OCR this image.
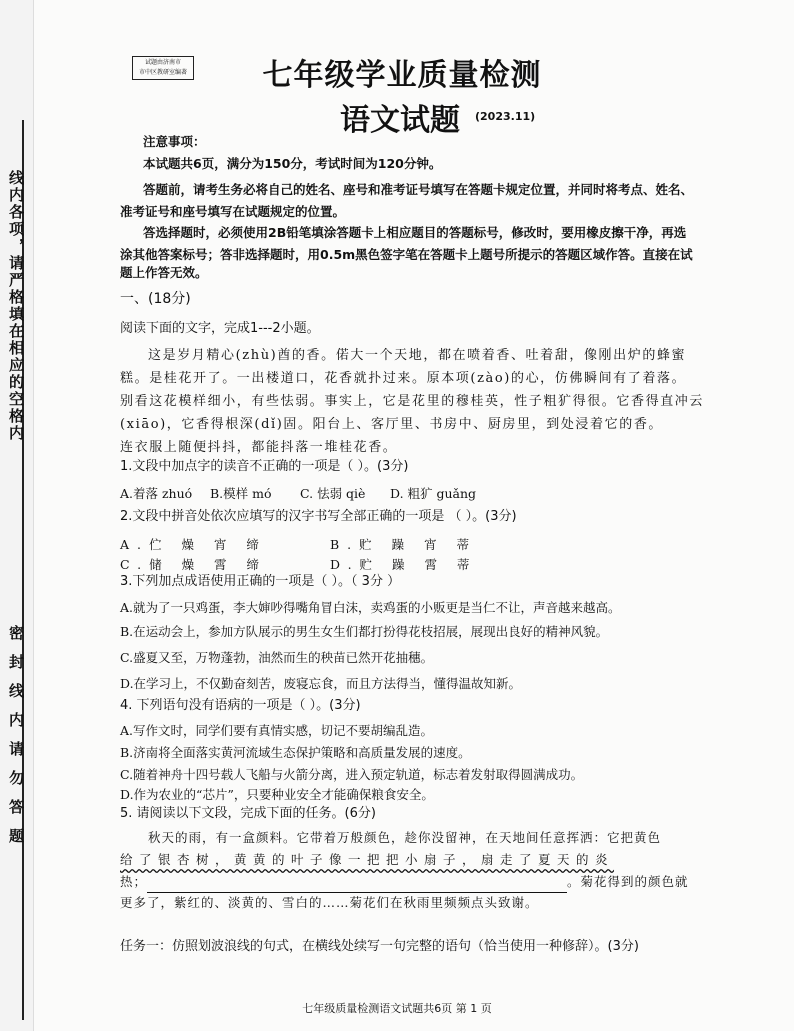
线内各项，请严格填在相应的空格内
密封线内请勿答题
试题由济南市
市中区教研室编著	七年级学业质量检测
语文试题 (2023.11)
注意事项：
本试题共6页，满分为150分，考试时间为120分钟。
答题前，请考生务必将自己的姓名、座号和准考证号填写在答题卡规定位置，并同时将考点、姓名、
准考证号和座号填写在试题规定的位置。
答选择题时，必须使用2B铅笔填涂答题卡上相应题目的答题标号，修改时，要用橡皮擦干净，再选
涂其他答案标号；答非选择题时，用0.5m黑色签字笔在答题卡上题号所提示的答题区域作答。直接在试
题上作答无效。
一、(18分)
阅读下面的文字，完成1---2小题。
这是岁月精心(zhù)酋的香。偌大一个天地，都在喷着香、吐着甜，像刚出炉的蜂蜜
糕。是桂花开了。一出楼道口，花香就扑过来。原本项(zào)的心，仿佛瞬间有了着落。
别看这花模样细小，有些怯弱。事实上，它是花里的穆桂英，性子粗犷得很。它香得直冲云
(xiāo)，它香得根深(dǐ)固。阳台上、客厅里、书房中、厨房里，到处浸着它的香。
连衣服上随便抖抖，都能抖落一堆桂花香。
1.文段中加点字的读音不正确的一项是（ ）。(3分)
A.着落 zhuó B.模样 mó C. 怯弱 qiè D. 粗犷 guǎng
2.文段中拼音处依次应填写的汉字书写全部正确的一项是 （ ）。(3分)
A.伫 燥 宵 缔	B.贮 躁 宵 蒂
C.储 燥 霄 缔	D.贮 躁 霄 蒂
3.下列加点成语使用正确的一项是（ ）。（ 3分 ）
A.就为了一只鸡蛋，李大婶吵得嘴角冒白沫，卖鸡蛋的小贩更是当仁不让，声音越来越高。
B.在运动会上，参加方队展示的男生女生们都打扮得花枝招展，展现出良好的精神风貌。
C.盛夏又至，万物蓬勃，油然而生的秧苗已然开花抽穗。
D.在学习上，不仅勤奋刻苦，废寝忘食，而且方法得当，懂得温故知新。
4. 下列语句没有语病的一项是（ ）。(3分)
A.写作文时，同学们要有真情实感，切记不要胡编乱造。
B.济南将全面落实黄河流域生态保护策略和高质量发展的速度。
C.随着神舟十四号载人飞船与火箭分离，进入预定轨道，标志着发射取得圆满成功。
D.作为农业的“芯片”，只要种业安全才能确保粮食安全。
5. 请阅读以下文段，完成下面的任务。(6分)
秋天的雨，有一盒颜料。它带着万般颜色，趁你没留神，在天地间任意挥洒：它把黄色
给了银杏树，黄黄的叶子像一把把小扇子，扇走了夏天的炎
热；	。菊花得到的颜色就
更多了，紫红的、淡黄的、雪白的……菊花们在秋雨里频频点头致谢。
任务一：仿照划波浪线的句式，在横线处续写一句完整的语句（恰当使用一种修辞）。(3分)
七年级质量检测语文试题共6页 第 1 页
